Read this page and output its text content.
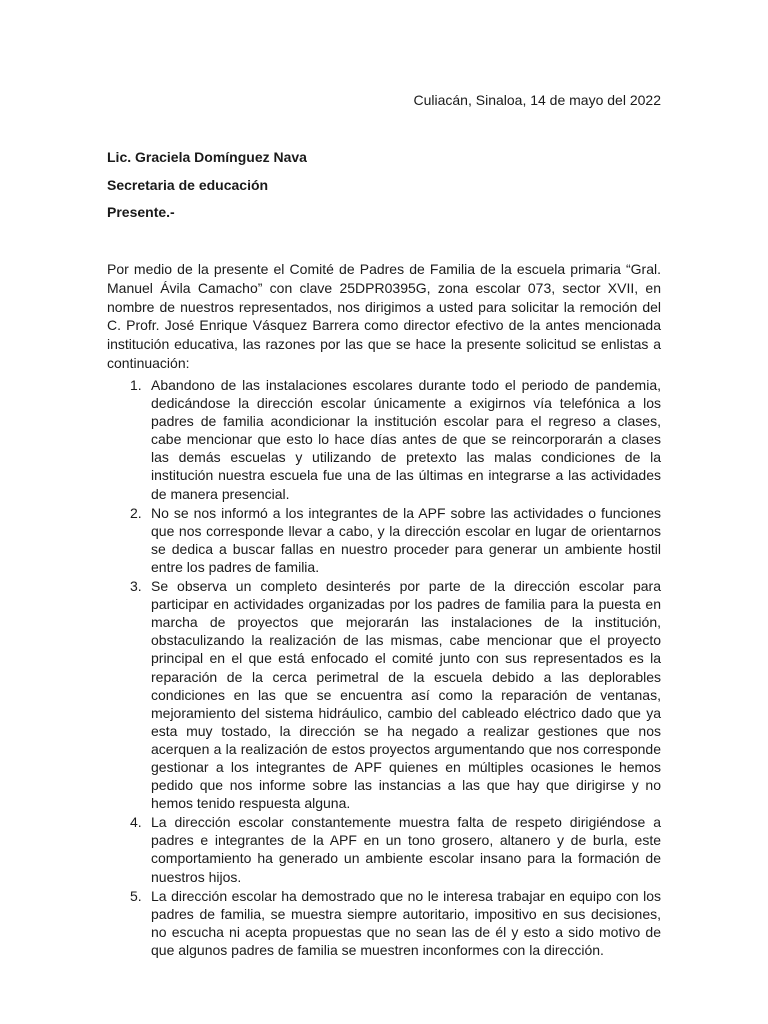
Culiacán, Sinaloa, 14 de mayo del 2022
Lic. Graciela Domínguez Nava
Secretaria de educación
Presente.-

Por medio de la presente el Comité de Padres de Familia de la escuela primaria “Gral. Manuel Ávila Camacho” con clave 25DPR0395G, zona escolar 073, sector XVII, en nombre de nuestros representados, nos dirigimos a usted para solicitar la remoción del C. Profr. José Enrique Vásquez Barrera como director efectivo de la antes mencionada institución educativa, las razones por las que se hace la presente solicitud se enlistas a continuación:

1. Abandono de las instalaciones escolares durante todo el periodo de pandemia, dedicándose la dirección escolar únicamente a exigirnos vía telefónica a los padres de familia acondicionar la institución escolar para el regreso a clases, cabe mencionar que esto lo hace días antes de que se reincorporarán a clases las demás escuelas y utilizando de pretexto las malas condiciones de la institución nuestra escuela fue una de las últimas en integrarse a las actividades de manera presencial.
2. No se nos informó a los integrantes de la APF sobre las actividades o funciones que nos corresponde llevar a cabo, y la dirección escolar en lugar de orientarnos se dedica a buscar fallas en nuestro proceder para generar un ambiente hostil entre los padres de familia.
3. Se observa un completo desinterés por parte de la dirección escolar para participar en actividades organizadas por los padres de familia para la puesta en marcha de proyectos que mejorarán las instalaciones de la institución, obstaculizando la realización de las mismas, cabe mencionar que el proyecto principal en el que está enfocado el comité junto con sus representados es la reparación de la cerca perimetral de la escuela debido a las deplorables condiciones en las que se encuentra así como la reparación de ventanas, mejoramiento del sistema hidráulico, cambio del cableado eléctrico dado que ya esta muy tostado, la dirección se ha negado a realizar gestiones que nos acerquen a la realización de estos proyectos argumentando que nos corresponde gestionar a los integrantes de APF quienes en múltiples ocasiones le hemos pedido que nos informe sobre las instancias a las que hay que dirigirse y no hemos tenido respuesta alguna.
4. La dirección escolar constantemente muestra falta de respeto dirigiéndose a padres e integrantes de la APF en un tono grosero, altanero y de burla, este comportamiento ha generado un ambiente escolar insano para la formación de nuestros hijos.
5. La dirección escolar ha demostrado que no le interesa trabajar en equipo con los padres de familia, se muestra siempre autoritario, impositivo en sus decisiones, no escucha ni acepta propuestas que no sean las de él y esto a sido motivo de que algunos padres de familia se muestren inconformes con la dirección.
